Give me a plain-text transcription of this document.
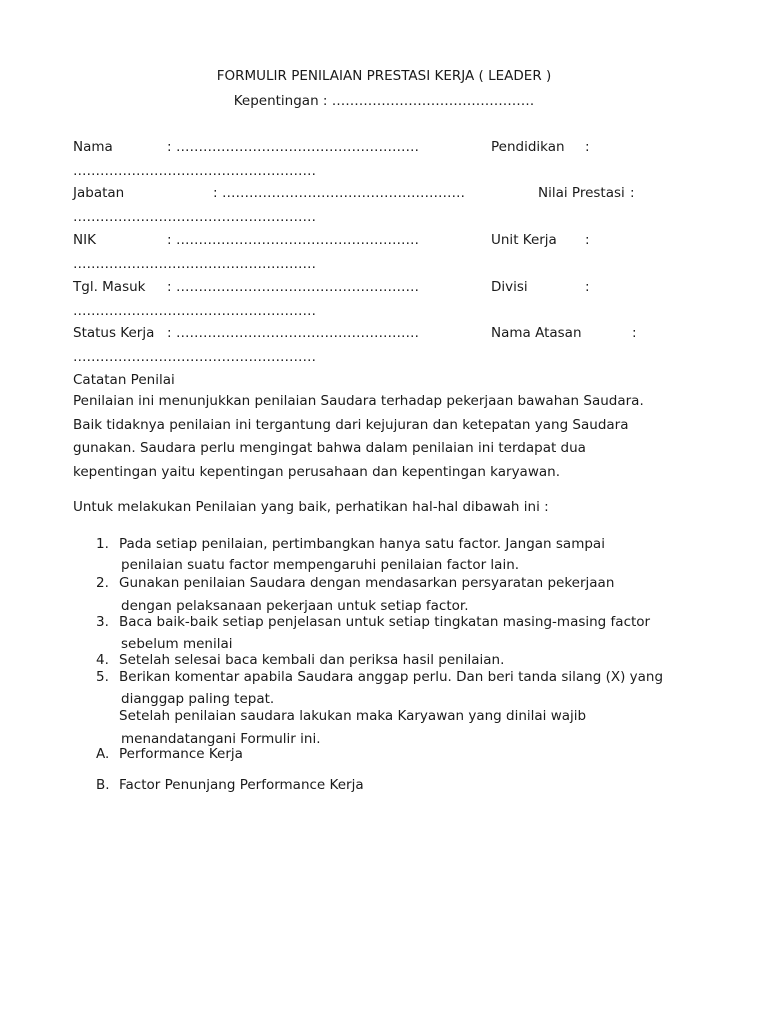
FORMULIR PENILAIAN PRESTASI KERJA ( LEADER )
Kepentingan : ………………………………………
Nama	: ………………………………………………	Pendidikan :
………………………………………………
Jabatan	: ………………………………………………	Nilai Prestasi :
………………………………………………
NIK	: ………………………………………………	Unit Kerja :
………………………………………………
Tgl. Masuk : ………………………………………………	Divisi	:
………………………………………………
Status Kerja : ………………………………………………	Nama Atasan	:
………………………………………………
Catatan Penilai

Penilaian ini menunjukkan penilaian Saudara terhadap pekerjaan bawahan Saudara.

Baik tidaknya penilaian ini tergantung dari kejujuran dan ketepatan yang Saudara

gunakan. Saudara perlu mengingat bahwa dalam penilaian ini terdapat dua

kepentingan yaitu kepentingan perusahaan dan kepentingan karyawan.

Untuk melakukan Penilaian yang baik, perhatikan hal-hal dibawah ini :
1. Pada setiap penilaian, pertimbangkan hanya satu factor. Jangan sampai
penilaian suatu factor mempengaruhi penilaian factor lain.
2. Gunakan penilaian Saudara dengan mendasarkan persyaratan pekerjaan
dengan pelaksanaan pekerjaan untuk setiap factor.
3. Baca baik-baik setiap penjelasan untuk setiap tingkatan masing-masing factor
sebelum menilai
4. Setelah selesai baca kembali dan periksa hasil penilaian.
5. Berikan komentar apabila Saudara anggap perlu. Dan beri tanda silang (X) yang
dianggap paling tepat.
Setelah penilaian saudara lakukan maka Karyawan yang dinilai wajib
menandatangani Formulir ini.
A. Performance Kerja
B. Factor Penunjang Performance Kerja
